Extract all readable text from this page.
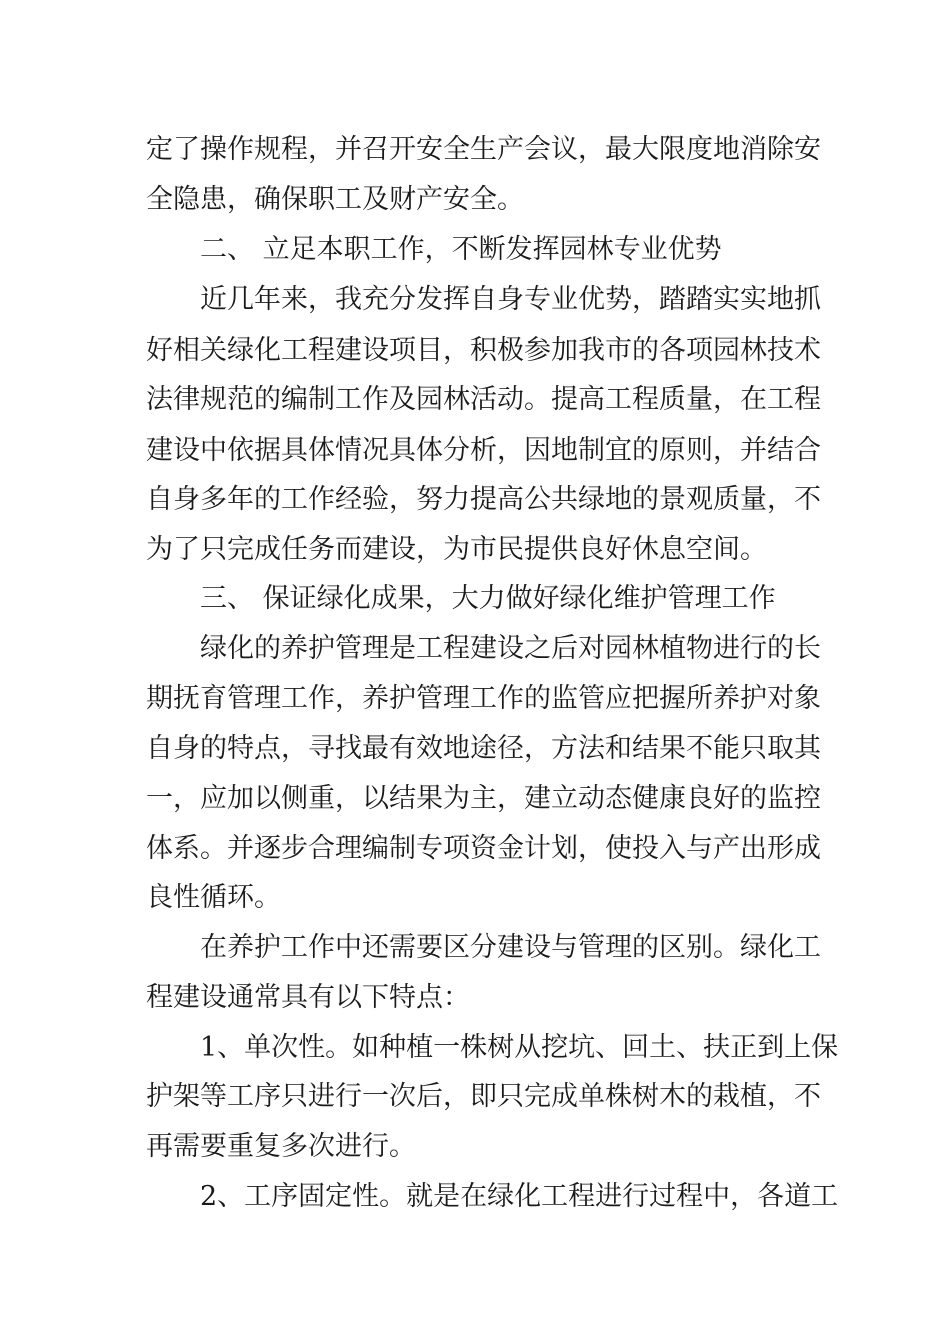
定了操作规程，并召开安全生产会议，最大限度地消除安
全隐患，确保职工及财产安全。
二、 立足本职工作，不断发挥园林专业优势
近几年来，我充分发挥自身专业优势，踏踏实实地抓
好相关绿化工程建设项目，积极参加我市的各项园林技术
法律规范的编制工作及园林活动。提高工程质量，在工程
建设中依据具体情况具体分析，因地制宜的原则，并结合
自身多年的工作经验，努力提高公共绿地的景观质量，不
为了只完成任务而建设，为市民提供良好休息空间。
三、 保证绿化成果，大力做好绿化维护管理工作
绿化的养护管理是工程建设之后对园林植物进行的长
期抚育管理工作，养护管理工作的监管应把握所养护对象
自身的特点，寻找最有效地途径，方法和结果不能只取其
一，应加以侧重，以结果为主，建立动态健康良好的监控
体系。并逐步合理编制专项资金计划，使投入与产出形成
良性循环。
在养护工作中还需要区分建设与管理的区别。绿化工
程建设通常具有以下特点：
1、单次性。如种植一株树从挖坑、回土、扶正到上保
护架等工序只进行一次后，即只完成单株树木的栽植，不
再需要重复多次进行。
2、工序固定性。就是在绿化工程进行过程中，各道工
